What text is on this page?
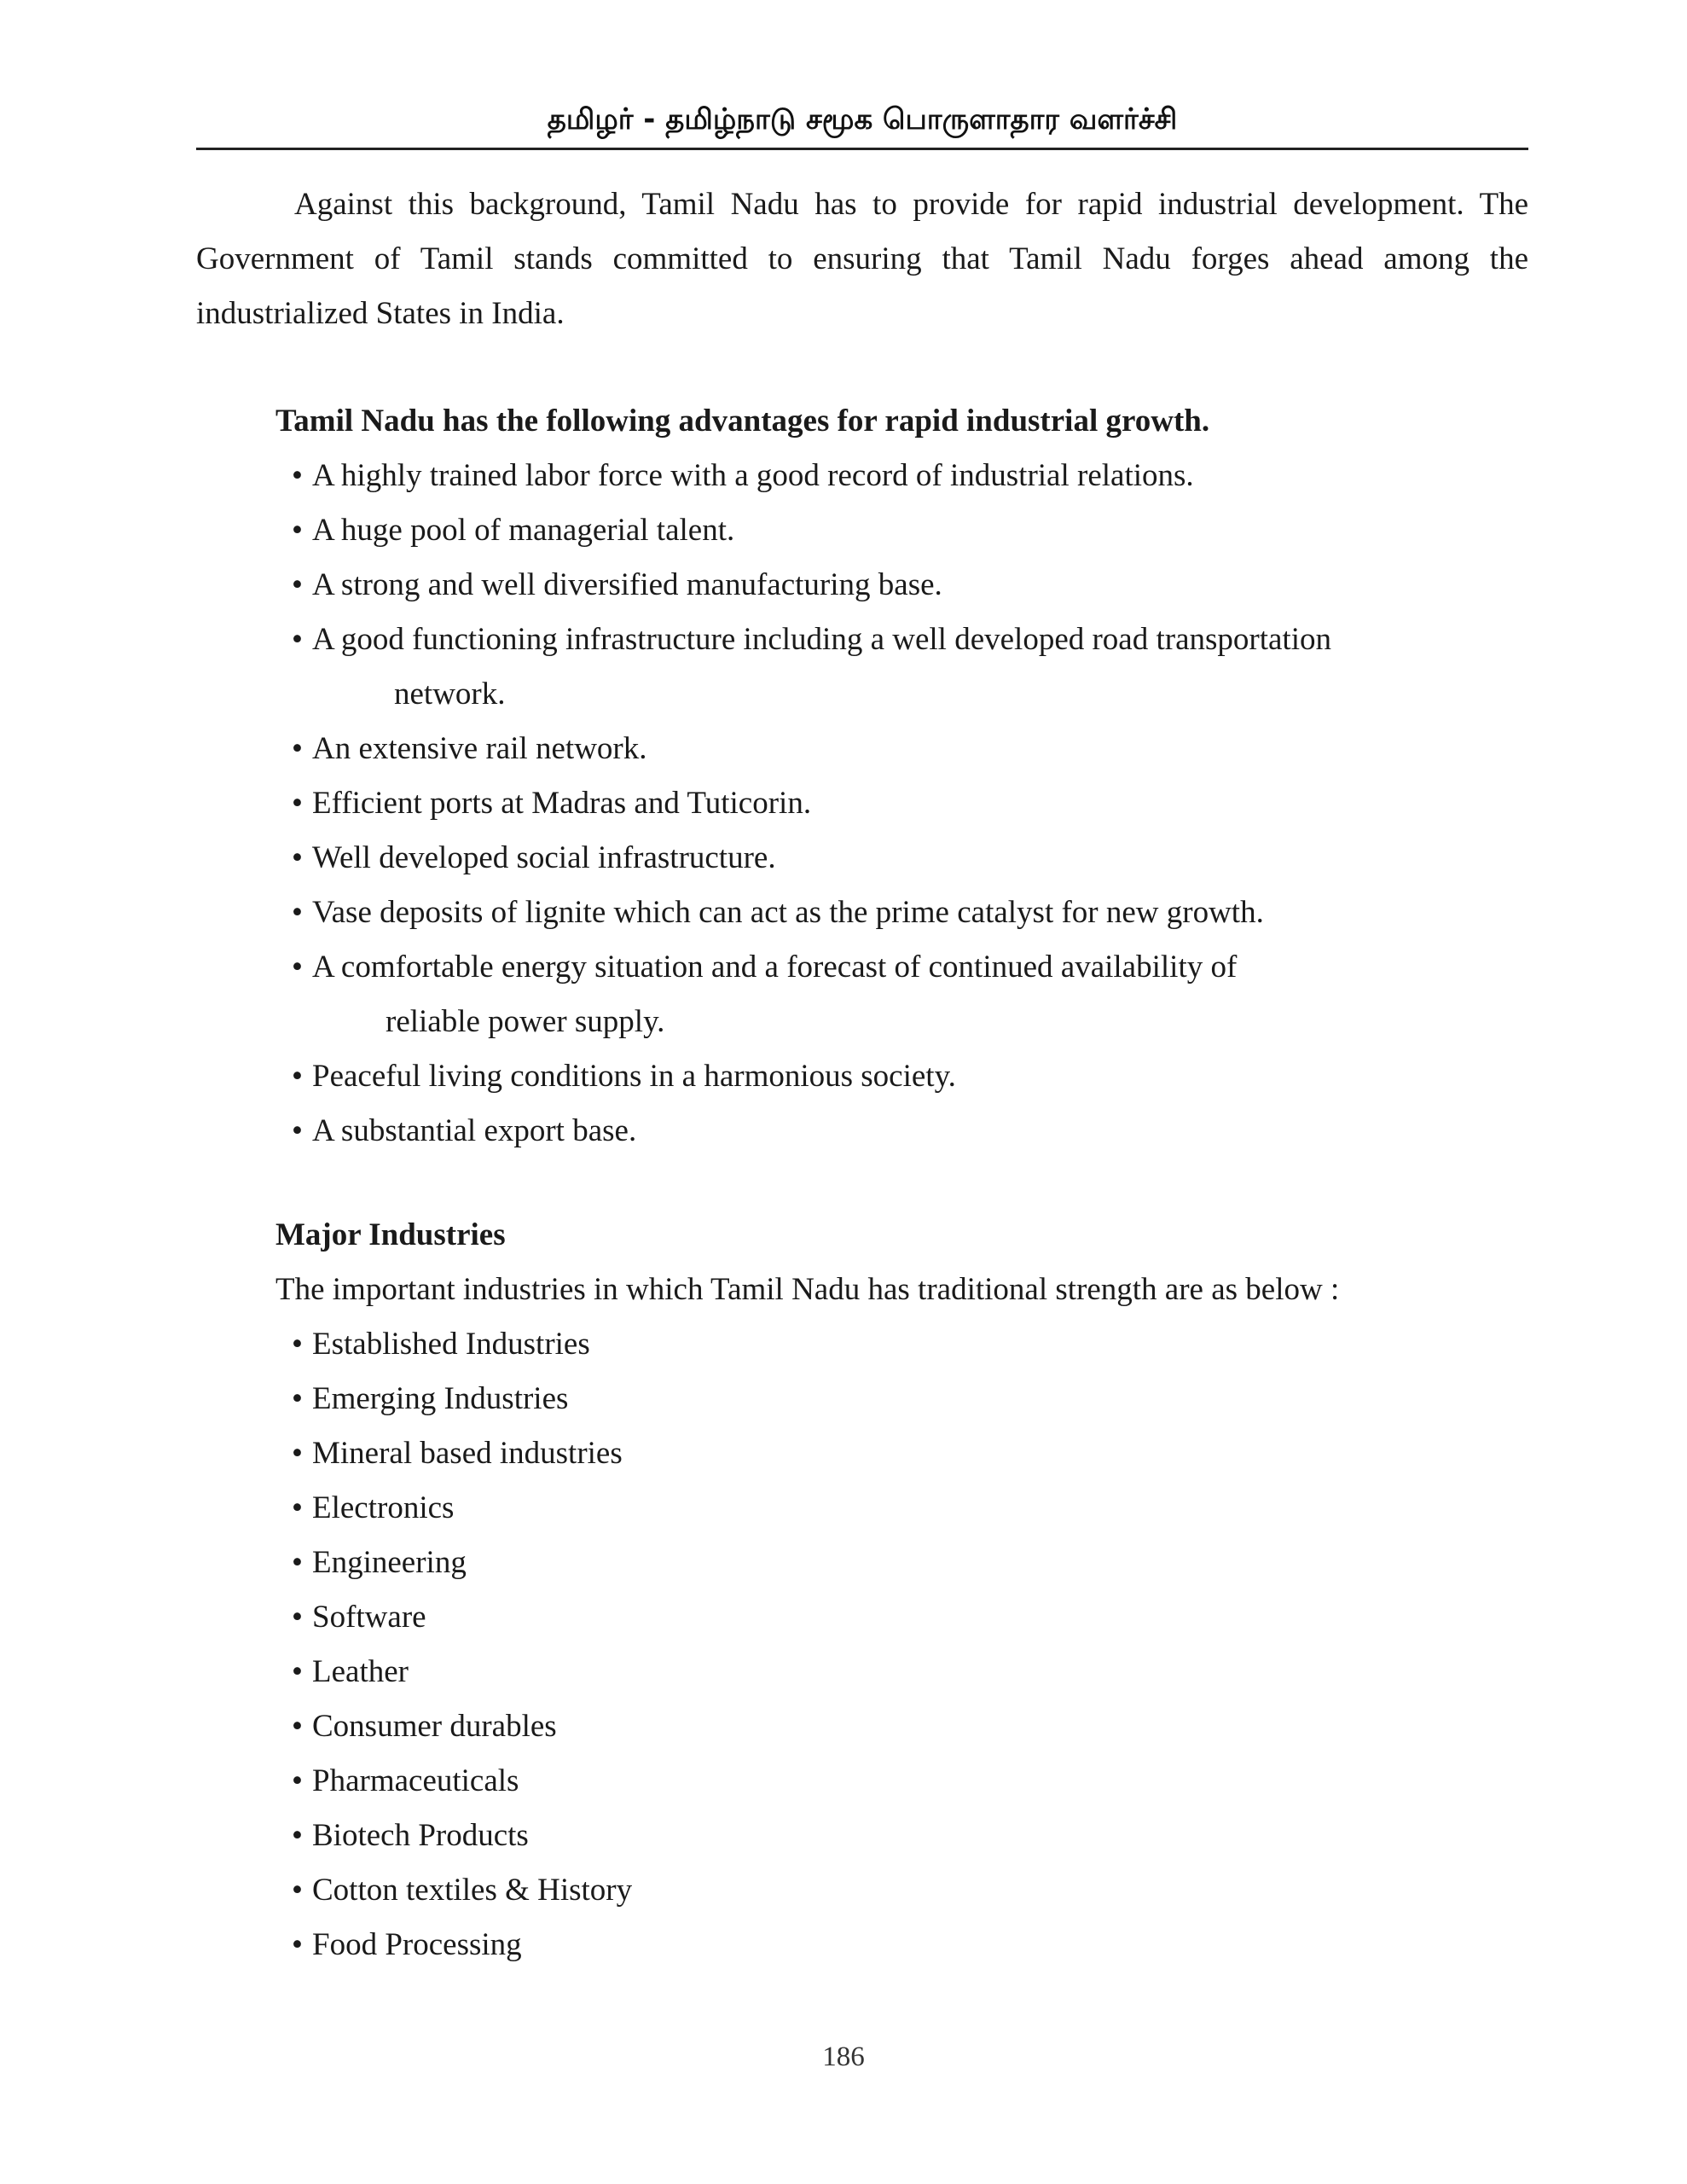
தமிழர் - தமிழ்நாடு சமூக பொருளாதார வளர்ச்சி

Against this background, Tamil Nadu has to provide for rapid industrial development. The Government of Tamil stands committed to ensuring that Tamil Nadu forges ahead among the industrialized States in India.

Tamil Nadu has the following advantages for rapid industrial growth.

• A highly trained labor force with a good record of industrial relations.
• A huge pool of managerial talent.
• A strong and well diversified manufacturing base.
• A good functioning infrastructure including a well developed road transportation
network.
• An extensive rail network.
• Efficient ports at Madras and Tuticorin.
• Well developed social infrastructure.
• Vase deposits of lignite which can act as the prime catalyst for new growth.
• A comfortable energy situation and a forecast of continued availability of
reliable power supply.
• Peaceful living conditions in a harmonious society.
• A substantial export base.

Major Industries

The important industries in which Tamil Nadu has traditional strength are as below :

• Established Industries
• Emerging Industries
• Mineral based industries
• Electronics
• Engineering
• Software
• Leather
• Consumer durables
• Pharmaceuticals
• Biotech Products
• Cotton textiles & History
• Food Processing
186
